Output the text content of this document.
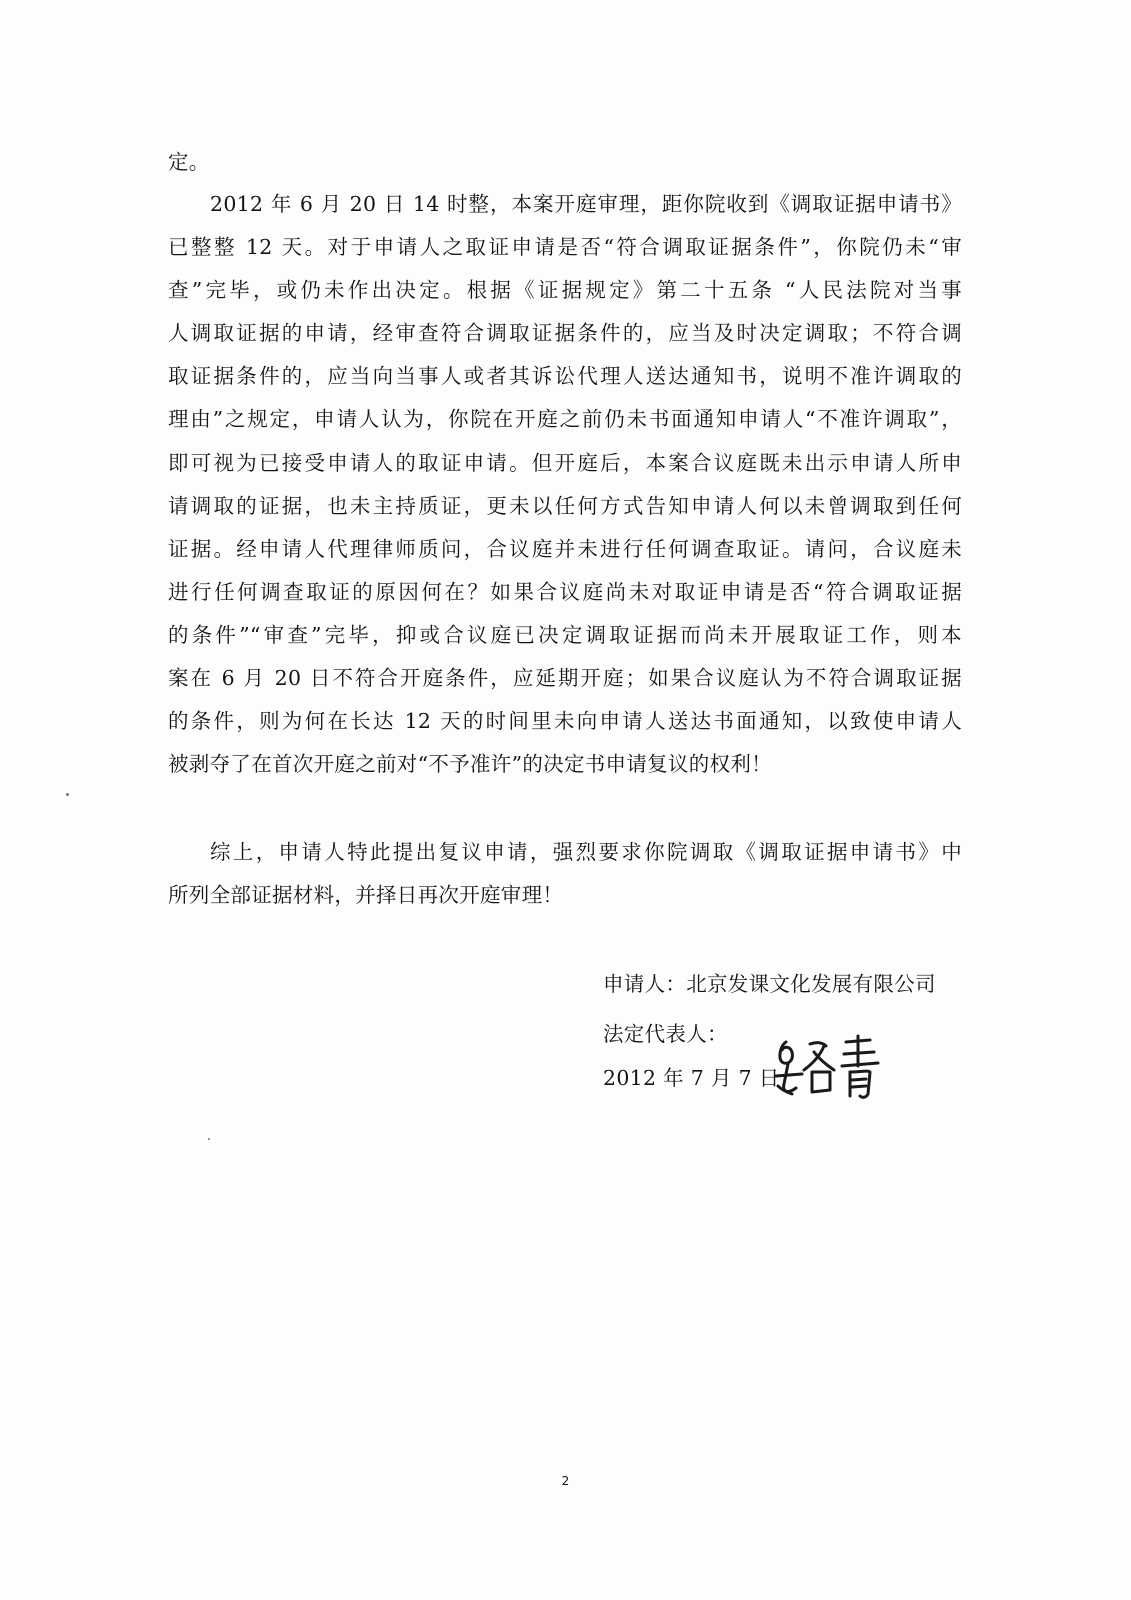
定。
2012 年 6 月 20 日 14 时整，本案开庭审理，距你院收到《调取证据申请书》
已整整 12 天。对于申请人之取证申请是否“符合调取证据条件”，你院仍未“审
查”完毕，或仍未作出决定。根据《证据规定》第二十五条 “人民法院对当事
人调取证据的申请，经审查符合调取证据条件的，应当及时决定调取；不符合调
取证据条件的，应当向当事人或者其诉讼代理人送达通知书，说明不准许调取的
理由”之规定，申请人认为，你院在开庭之前仍未书面通知申请人“不准许调取”，
即可视为已接受申请人的取证申请。但开庭后，本案合议庭既未出示申请人所申
请调取的证据，也未主持质证，更未以任何方式告知申请人何以未曾调取到任何
证据。经申请人代理律师质问，合议庭并未进行任何调查取证。请问，合议庭未
进行任何调查取证的原因何在？如果合议庭尚未对取证申请是否“符合调取证据
的条件”“审查”完毕，抑或合议庭已决定调取证据而尚未开展取证工作，则本
案在 6 月 20 日不符合开庭条件，应延期开庭；如果合议庭认为不符合调取证据
的条件，则为何在长达 12 天的时间里未向申请人送达书面通知，以致使申请人
被剥夺了在首次开庭之前对“不予准许”的决定书申请复议的权利！
综上，申请人特此提出复议申请，强烈要求你院调取《调取证据申请书》中
所列全部证据材料，并择日再次开庭审理！
申请人：北京发课文化发展有限公司
法定代表人：
2012 年 7 月 7 日
2
